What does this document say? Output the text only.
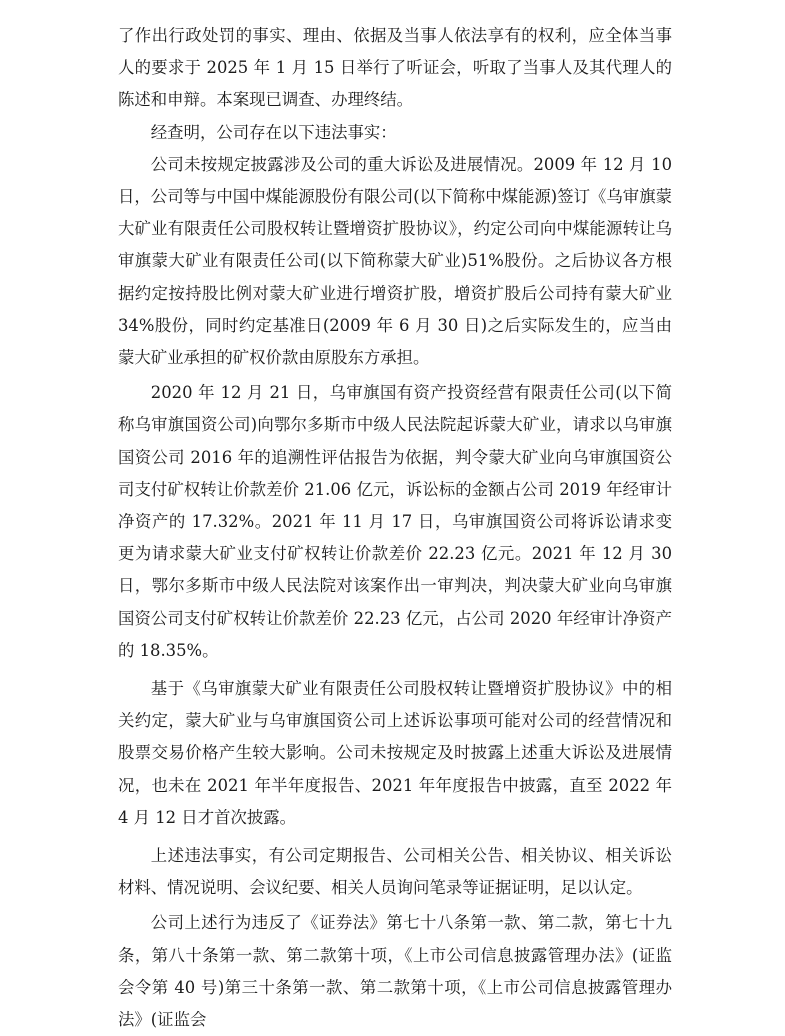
了作出行政处罚的事实、理由、依据及当事人依法享有的权利，应全体当事人的要求于 2025 年 1 月 15 日举行了听证会，听取了当事人及其代理人的陈述和申辩。本案现已调查、办理终结。

经查明，公司存在以下违法事实：

公司未按规定披露涉及公司的重大诉讼及进展情况。2009 年 12 月 10 日，公司等与中国中煤能源股份有限公司(以下简称中煤能源)签订《乌审旗蒙大矿业有限责任公司股权转让暨增资扩股协议》，约定公司向中煤能源转让乌审旗蒙大矿业有限责任公司(以下简称蒙大矿业)51%股份。之后协议各方根据约定按持股比例对蒙大矿业进行增资扩股，增资扩股后公司持有蒙大矿业 34%股份，同时约定基准日(2009 年 6 月 30 日)之后实际发生的，应当由蒙大矿业承担的矿权价款由原股东方承担。

2020 年 12 月 21 日，乌审旗国有资产投资经营有限责任公司(以下简称乌审旗国资公司)向鄂尔多斯市中级人民法院起诉蒙大矿业，请求以乌审旗国资公司 2016 年的追溯性评估报告为依据，判令蒙大矿业向乌审旗国资公司支付矿权转让价款差价 21.06 亿元，诉讼标的金额占公司 2019 年经审计净资产的 17.32%。2021 年 11 月 17 日，乌审旗国资公司将诉讼请求变更为请求蒙大矿业支付矿权转让价款差价 22.23 亿元。2021 年 12 月 30 日，鄂尔多斯市中级人民法院对该案作出一审判决，判决蒙大矿业向乌审旗国资公司支付矿权转让价款差价 22.23 亿元，占公司 2020 年经审计净资产的 18.35%。

基于《乌审旗蒙大矿业有限责任公司股权转让暨增资扩股协议》中的相关约定，蒙大矿业与乌审旗国资公司上述诉讼事项可能对公司的经营情况和股票交易价格产生较大影响。公司未按规定及时披露上述重大诉讼及进展情况，也未在 2021 年半年度报告、2021 年年度报告中披露，直至 2022 年 4 月 12 日才首次披露。

上述违法事实，有公司定期报告、公司相关公告、相关协议、相关诉讼材料、情况说明、会议纪要、相关人员询问笔录等证据证明，足以认定。

公司上述行为违反了《证券法》第七十八条第一款、第二款，第七十九条，第八十条第一款、第二款第十项，《上市公司信息披露管理办法》(证监会令第 40 号)第三十条第一款、第二款第十项，《上市公司信息披露管理办法》(证监会
